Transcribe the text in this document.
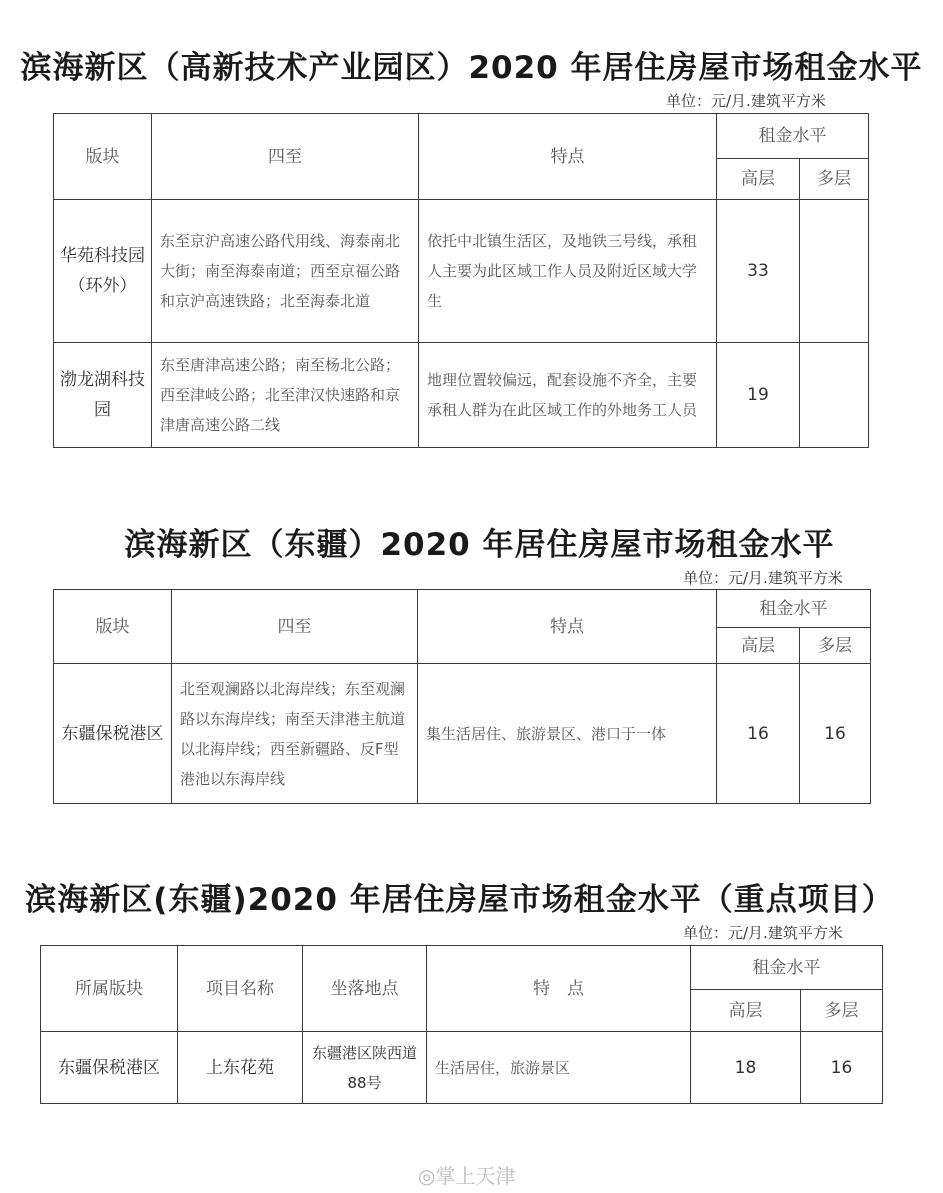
滨海新区（高新技术产业园区）2020 年居住房屋市场租金水平
单位：元/月.建筑平方米
版块	四至	特点	租金水平	
			高层	多层
华苑科技园（环外）	东至京沪高速公路代用线、海泰南北大街；南至海泰南道；西至京福公路和京沪高速铁路；北至海泰北道	依托中北镇生活区，及地铁三号线，承租人主要为此区域工作人员及附近区域大学生	33	
渤龙湖科技园	东至唐津高速公路；南至杨北公路；西至津岐公路；北至津汉快速路和京津唐高速公路二线	地理位置较偏远，配套设施不齐全，主要承租人群为在此区域工作的外地务工人员	19	
滨海新区（东疆）2020 年居住房屋市场租金水平
单位：元/月.建筑平方米
版块	四至	特点	租金水平	
			高层	多层
东疆保税港区	北至观澜路以北海岸线；东至观澜路以东海岸线；南至天津港主航道以北海岸线；西至新疆路、反F型港池以东海岸线	集生活居住、旅游景区、港口于一体	16	16
滨海新区(东疆)2020 年居住房屋市场租金水平（重点项目）
单位：元/月.建筑平方米
所属版块	项目名称	坐落地点	特　点	租金水平	
				高层	多层
东疆保税港区	上东花苑	东疆港区陕西道88号	生活居住，旅游景区	18	16
◎掌上天津
